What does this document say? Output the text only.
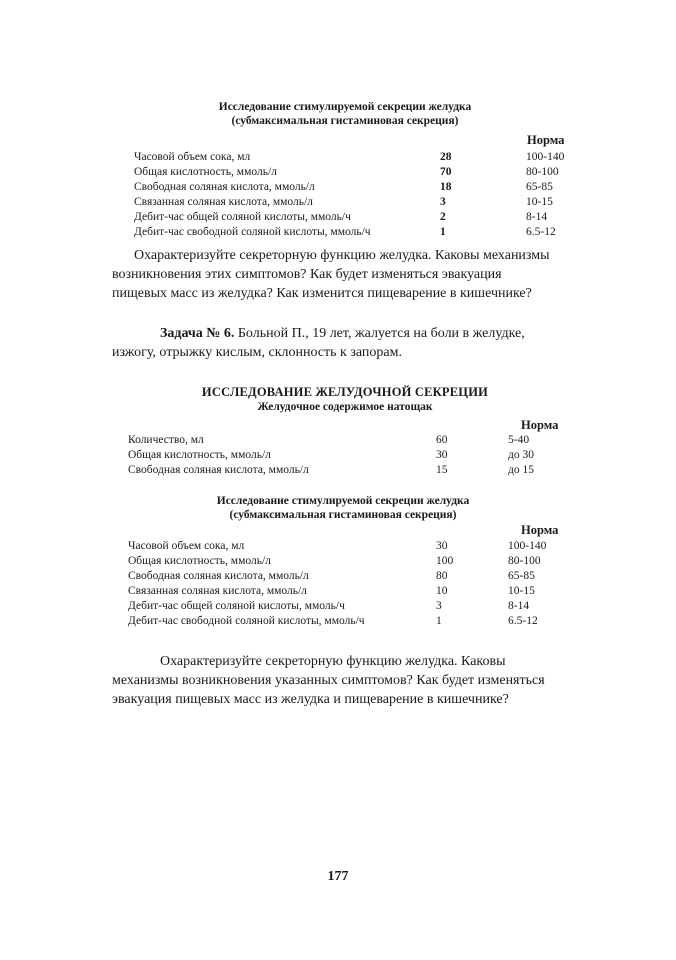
Исследование стимулируемой секреции желудка
(субмаксимальная гистаминовая секреция)
Норма
Часовой объем сока, мл	28	100-140
Общая кислотность, ммоль/л	70	80-100
Свободная соляная кислота, ммоль/л	18	65-85
Связанная соляная кислота, ммоль/л	3	10-15
Дебит-час общей соляной кислоты, ммоль/ч	2	8-14
Дебит-час свободной соляной кислоты, ммоль/ч	1	6.5-12
Охарактеризуйте секреторную функцию желудка. Каковы механизмы
возникновения этих симптомов? Как будет изменяться эвакуация
пищевых масс из желудка? Как изменится пищеварение в кишечнике?
Задача № 6. Больной П., 19 лет, жалуется на боли в желудке,
изжогу, отрыжку кислым, склонность к запорам.
ИССЛЕДОВАНИЕ ЖЕЛУДОЧНОЙ СЕКРЕЦИИ
Желудочное содержимое натощак
Норма
Количество, мл	60	5-40
Общая кислотность, ммоль/л	30	до 30
Свободная соляная кислота, ммоль/л	15	до 15
Исследование стимулируемой секреции желудка
(субмаксимальная гистаминовая секреция)
Норма
Часовой объем сока, мл	30	100-140
Общая кислотность, ммоль/л	100	80-100
Свободная соляная кислота, ммоль/л	80	65-85
Связанная соляная кислота, ммоль/л	10	10-15
Дебит-час общей соляной кислоты, ммоль/ч	3	8-14
Дебит-час свободной соляной кислоты, ммоль/ч	1	6.5-12
Охарактеризуйте секреторную функцию желудка. Каковы
механизмы возникновения указанных симптомов? Как будет изменяться
эвакуация пищевых масс из желудка и пищеварение в кишечнике?
177
